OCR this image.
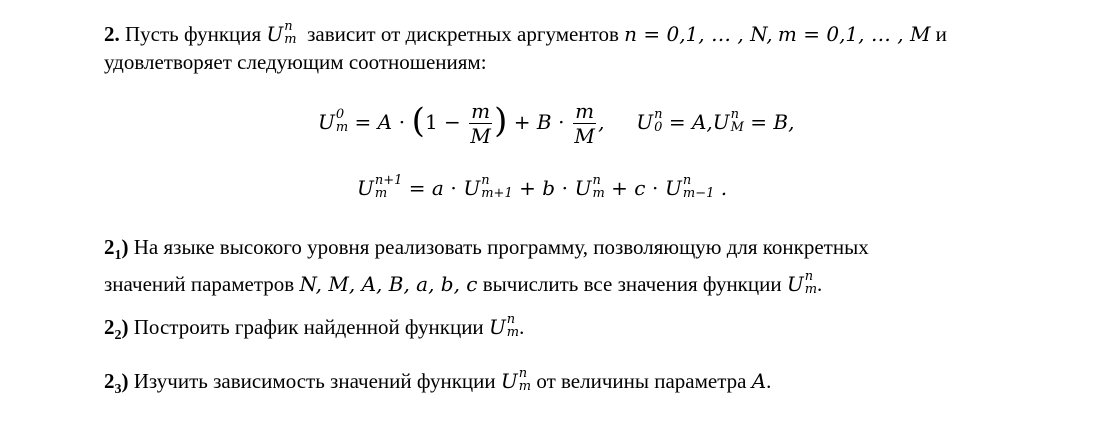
2. Пусть функция U n
m зависит от дискретных аргументов n = 0,1, … , N, m = 0,1, … , M и
удовлетворяет следующим соотношениям:

U 0
$m = A \cdot (1 - \frac{m}{M}$ ) + $B \cdot \frac{m}{M}$ , U n
0 = A,U n
M = B,
U n+1
m	= a ⋅ U n
m+1 + b ⋅ U n
m + c ⋅ U n
m−1 .

$2_1$) На языке высокого уровня реализовать программу, позволяющую для конкретных
значений параметров N, M, A, B, a, b, c вычислить все значения функции U n
m .

$2_2$) Построить график найденной функции U n
m .

$2_3$) Изучить зависимость значений функции U n
m от величины параметра A.
